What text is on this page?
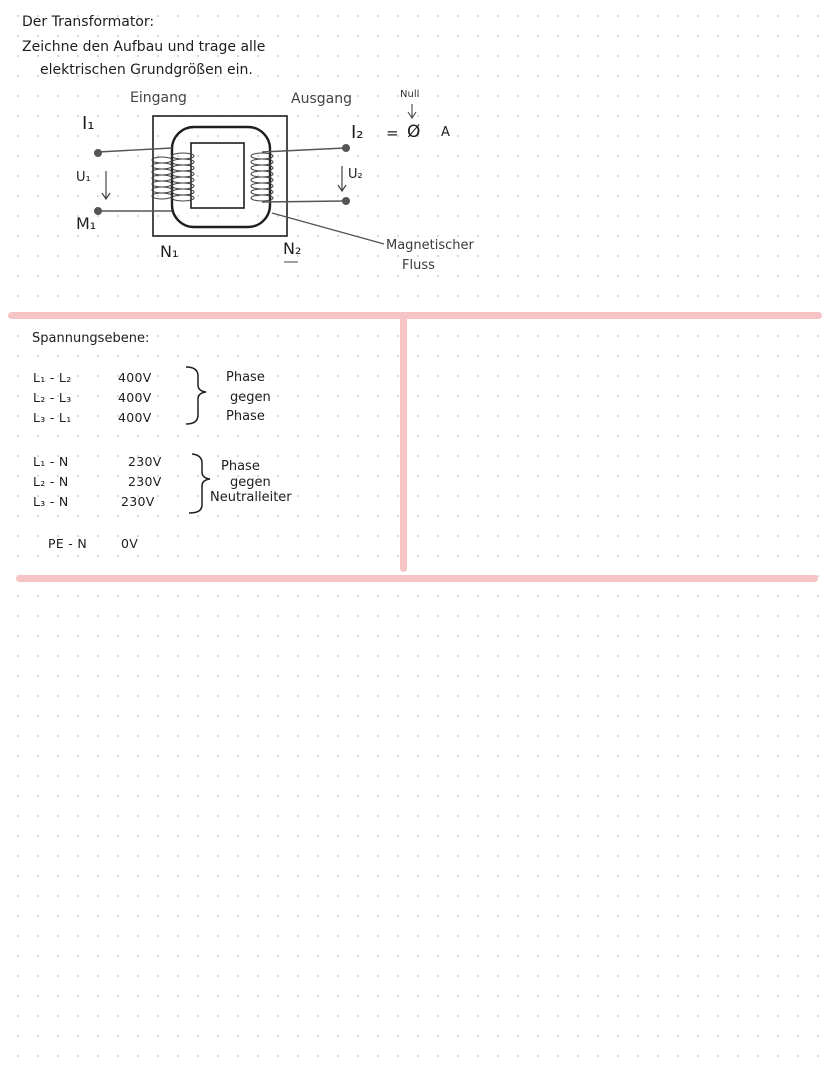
Der Transformator:
Zeichne den Aufbau und trage alle
elektrischen Grundgrößen ein.
Eingang	Ausgang	Null
I₁
U₁
M₁
N₁	N₂
I₂ = Ø A
U₂
Magnetischer
Fluss
Spannungsebene:
L₁ - L₂	400V
L₂ - L₃	400V
L₃ - L₁	400V
Phase
gegen
Phase
L₁ - N	230V
L₂ - N	230V
L₃ - N	230V
Phase
gegen
Neutralleiter
PE - N	0V
